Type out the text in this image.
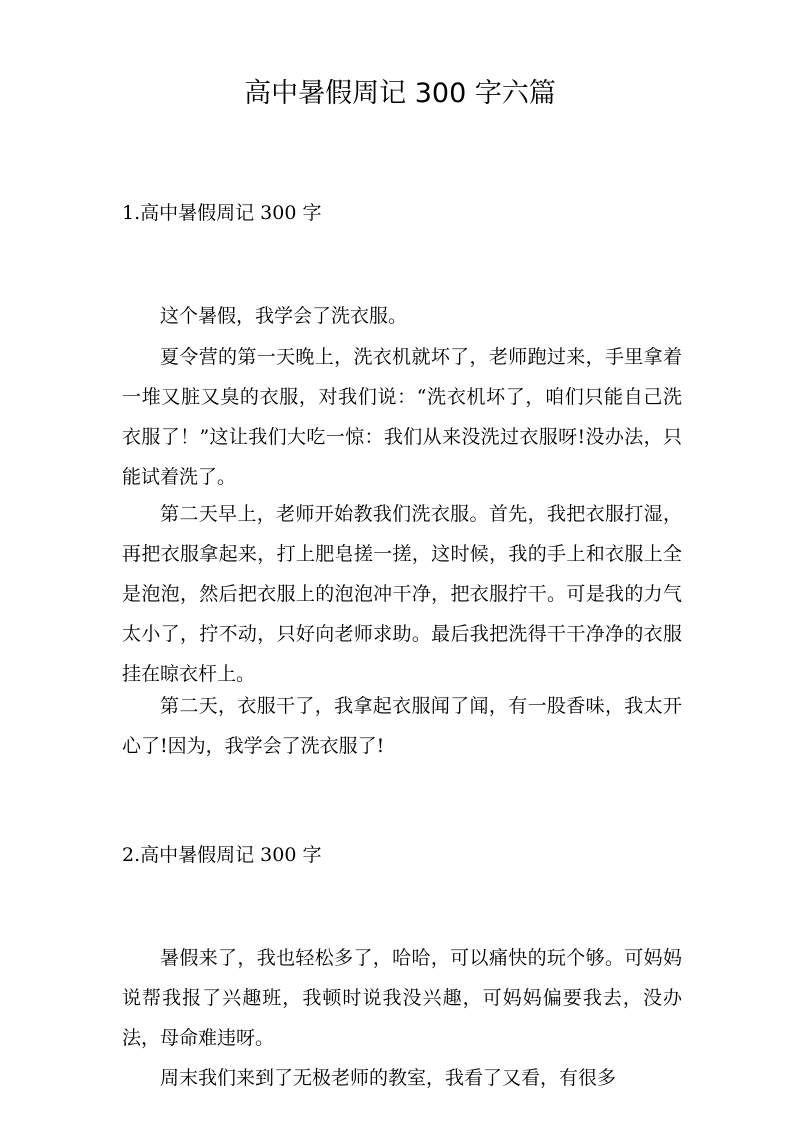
高中暑假周记 300 字六篇
1.高中暑假周记 300 字

这个暑假，我学会了洗衣服。

夏令营的第一天晚上，洗衣机就坏了，老师跑过来，手里拿着一堆又脏又臭的衣服，对我们说：“洗衣机坏了，咱们只能自己洗衣服了！”这让我们大吃一惊：我们从来没洗过衣服呀!没办法，只能试着洗了。

第二天早上，老师开始教我们洗衣服。首先，我把衣服打湿，再把衣服拿起来，打上肥皂搓一搓，这时候，我的手上和衣服上全是泡泡，然后把衣服上的泡泡冲干净，把衣服拧干。可是我的力气太小了，拧不动，只好向老师求助。最后我把洗得干干净净的衣服挂在晾衣杆上。

第二天，衣服干了，我拿起衣服闻了闻，有一股香味，我太开心了!因为，我学会了洗衣服了!

2.高中暑假周记 300 字

暑假来了，我也轻松多了，哈哈，可以痛快的玩个够。可妈妈说帮我报了兴趣班，我顿时说我没兴趣，可妈妈偏要我去，没办法，母命难违呀。

周末我们来到了无极老师的教室，我看了又看，有很多
